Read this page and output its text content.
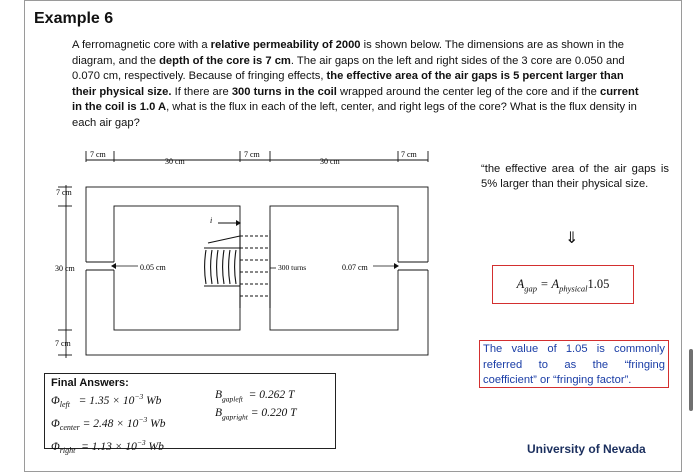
Example 6
A ferromagnetic core with a relative permeability of 2000 is shown below. The dimensions are as shown in the diagram, and the depth of the core is 7 cm. The air gaps on the left and right sides of the 3 core are 0.050 and 0.070 cm, respectively. Because of fringing effects, the effective area of the air gaps is 5 percent larger than their physical size. If there are 300 turns in the coil wrapped around the center leg of the core and if the current in the coil is 1.0 A, what is the flux in each of the left, center, and right legs of the core? What is the flux density in each air gap?
i
7 cm
30 cm
7 cm
30 cm
7 cm
7 cm
30 cm
7 cm
0.05 cm	0.07 cm
300 turns
“the effective area of the air gaps is 5% larger than their physical size.
⇓
$A_{gap} = A_{physical}1.05$
The value of 1.05 is commonly referred to as the “fringing coefficient” or “fringing factor”.
Final Answers:
$\Phi_{left} = 1.35 \times 10^{-3}$ Wb
$\Phi_{center} = 2.48 \times 10^{-3}$ Wb
$\Phi_{right} = 1.13 \times 10^{-3}$ Wb
$B_{gapleft} = 0.262$ T
$B_{gapright} = 0.220$ T
University of Nevada
